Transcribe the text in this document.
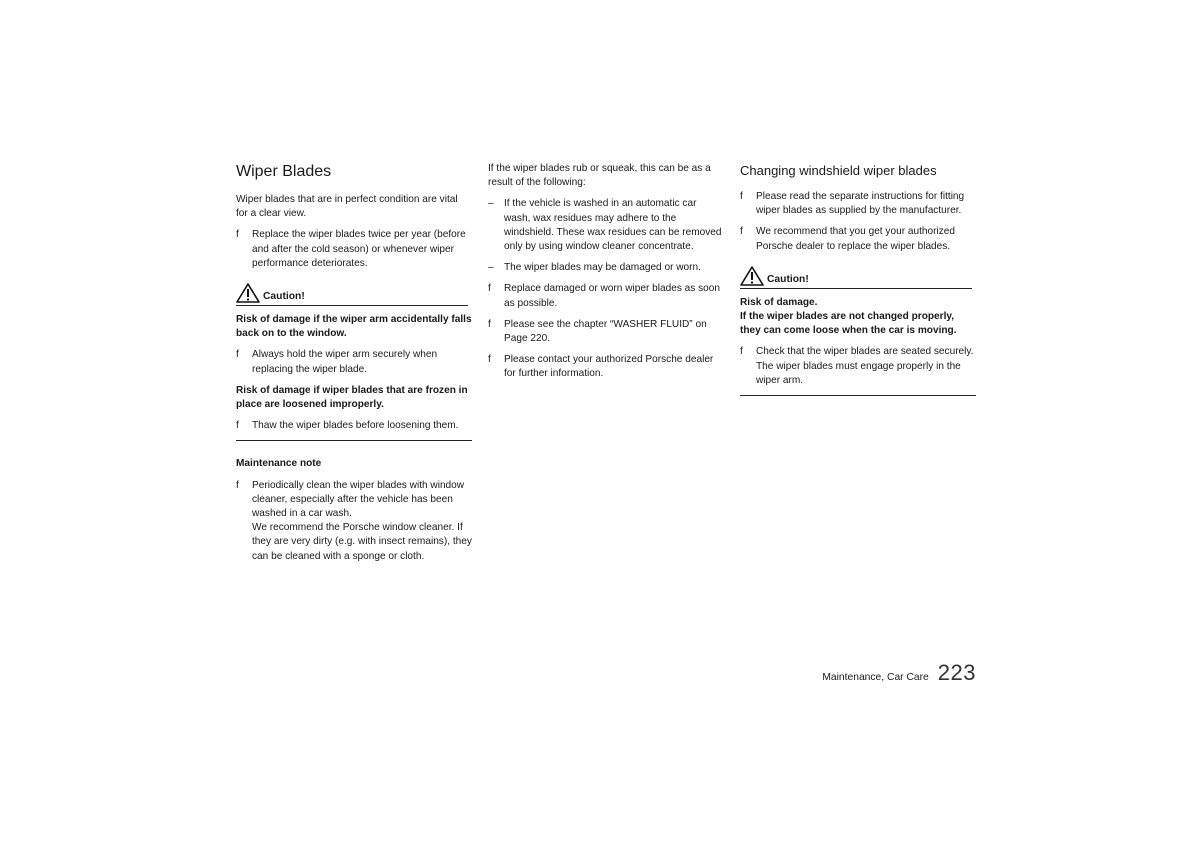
Wiper Blades

Wiper blades that are in perfect condition are vital for a clear view.

f Replace the wiper blades twice per year (before and after the cold season) or whenever wiper performance deteriorates.
Caution!

Risk of damage if the wiper arm accidentally falls back on to the window.

f Always hold the wiper arm securely when replacing the wiper blade.

Risk of damage if wiper blades that are frozen in place are loosened improperly.

f Thaw the wiper blades before loosening them.

Maintenance note

f Periodically clean the wiper blades with window cleaner, especially after the vehicle has been washed in a car wash.
We recommend the Porsche window cleaner. If they are very dirty (e.g. with insect remains), they can be cleaned with a sponge or cloth.

If the wiper blades rub or squeak, this can be as a result of the following:

– If the vehicle is washed in an automatic car wash, wax residues may adhere to the windshield. These wax residues can be removed only by using window cleaner concentrate.
– The wiper blades may be damaged or worn.
f Replace damaged or worn wiper blades as soon as possible.
f Please see the chapter “WASHER FLUID” on Page 220.
f Please contact your authorized Porsche dealer for further information.
Changing windshield wiper blades
f Please read the separate instructions for fitting wiper blades as supplied by the manufacturer.
f We recommend that you get your authorized Porsche dealer to replace the wiper blades.
Caution!

Risk of damage.

If the wiper blades are not changed properly, they can come loose when the car is moving.

f Check that the wiper blades are seated securely. The wiper blades must engage properly in the wiper arm.
Maintenance, Car Care 223
